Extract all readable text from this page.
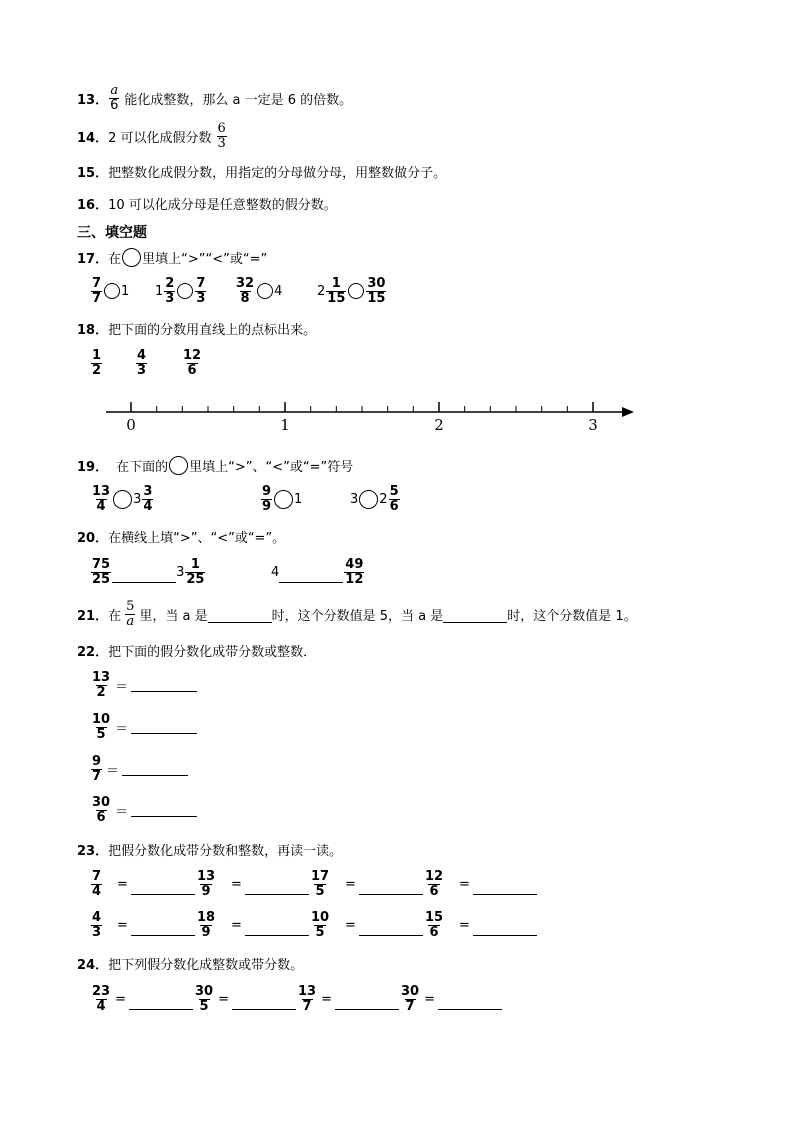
13． $\frac{a}{6}$ 能化成整数，那么 a 一定是 6 的倍数。
14． 2 可以化成假分数 $\frac{6}{3}$
15．把整数化成假分数，用指定的分母做分母，用整数做分子。
16．10 可以化成分母是任意整数的假分数。
三、填空题
17． 在 里填上“>”“<”或“=”
$\frac{7}{7} 1$ $1 \frac{2}{3} \frac{7}{3} \frac{32}{8} 4$	$2 \frac{1}{15} \frac{30}{15}$
18．把下面的分数用直线上的点标出来。
$\frac{1}{2}$	$\frac{4}{3}$	$\frac{12}{6}$
0	1	2	3
19． 在下面的 里填上“>”、“<”或“=”符号
$\frac{13}{4} 3 \frac{3}{4}$	$\frac{9}{9} 1$	3 $2 \frac{5}{6}$
20．在横线上填“>”、“<”或“=”。
$\frac{75}{25}$	$3 \frac{1}{25}$	4	$\frac{49}{12}$
21． 在 $\frac{5}{a}$ 里，当 a 是	时，这个分数值是 5，当 a 是	时，这个分数值是 1。
22．把下面的假分数化成带分数或整数．
$\frac{13}{2}$ ＝
$\frac{10}{5}$ ＝
$\frac{9}{7}$ ＝
$\frac{30}{6}$ ＝
23．把假分数化成带分数和整数，再读一读。
$\frac{7}{4}$ =	$\frac{13}{9}$ =	$\frac{17}{5}$ =	$\frac{12}{6}$ =
$\frac{4}{3}$ =	$\frac{18}{9}$ =	$\frac{10}{5}$ =	$\frac{15}{6}$ =
24．把下列假分数化成整数或带分数。
$\frac{23}{4}$ =	$\frac{30}{5}$ =	$\frac{13}{7}$ =	$\frac{30}{7}$ =
